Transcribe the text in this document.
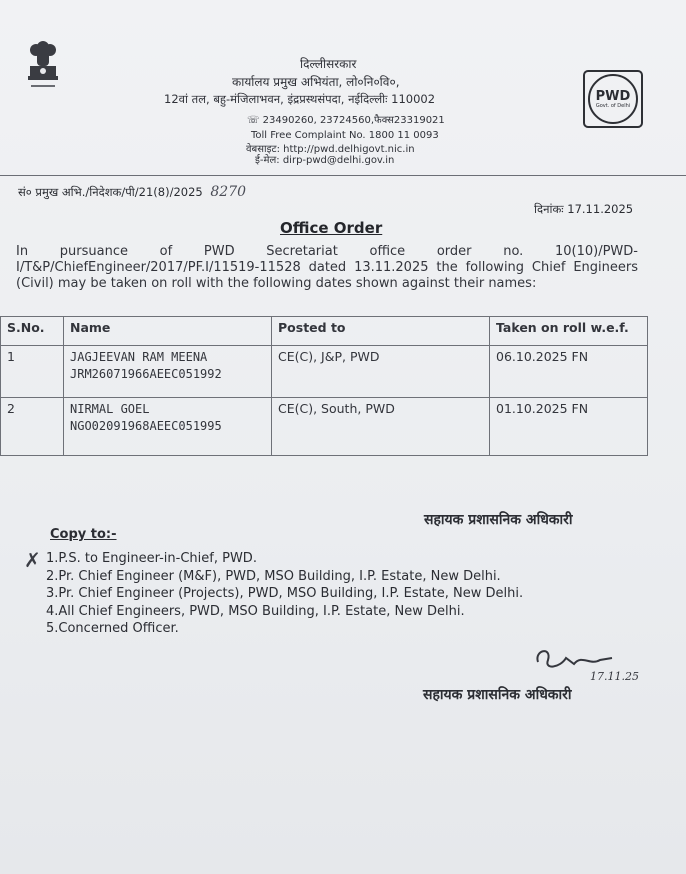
दिल्लीसरकार
कार्यालय प्रमुख अभियंता, लो०नि०वि०,
12वां तल, बहु-मंजिलाभवन, इंद्रप्रस्थसंपदा, नईदिल्लीः 110002
☏ 23490260, 23724560,फैक्स23319021
Toll Free Complaint No. 1800 11 0093
वेबसाइट: http://pwd.delhigovt.nic.in
ई-मेल: dirp-pwd@delhi.gov.in
PWD
Govt. of Delhi
सं० प्रमुख अभि./निदेशक/पी/21(8)/2025 8270
दिनांकः 17.11.2025
Office Order
In pursuance of PWD Secretariat office order no. 10(10)/PWD-I/T&P/ChiefEngineer/2017/PF.I/11519-11528 dated 13.11.2025 the following Chief Engineers (Civil) may be taken on roll with the following dates shown against their names:
S.No.	Name	Posted to	Taken on roll w.e.f.
1	JAGJEEVAN RAM MEENA
JRM26071966AEEC051992	CE(C), J&P, PWD	06.10.2025 FN
2	NIRMAL GOEL
NGO02091968AEEC051995	CE(C), South, PWD	01.10.2025 FN
सहायक प्रशासनिक अधिकारी
Copy to:-
✗ 1.P.S. to Engineer-in-Chief, PWD.
2.Pr. Chief Engineer (M&F), PWD, MSO Building, I.P. Estate, New Delhi.
3.Pr. Chief Engineer (Projects), PWD, MSO Building, I.P. Estate, New Delhi.
4.All Chief Engineers, PWD, MSO Building, I.P. Estate, New Delhi.
5.Concerned Officer.
17.11.25
सहायक प्रशासनिक अधिकारी
